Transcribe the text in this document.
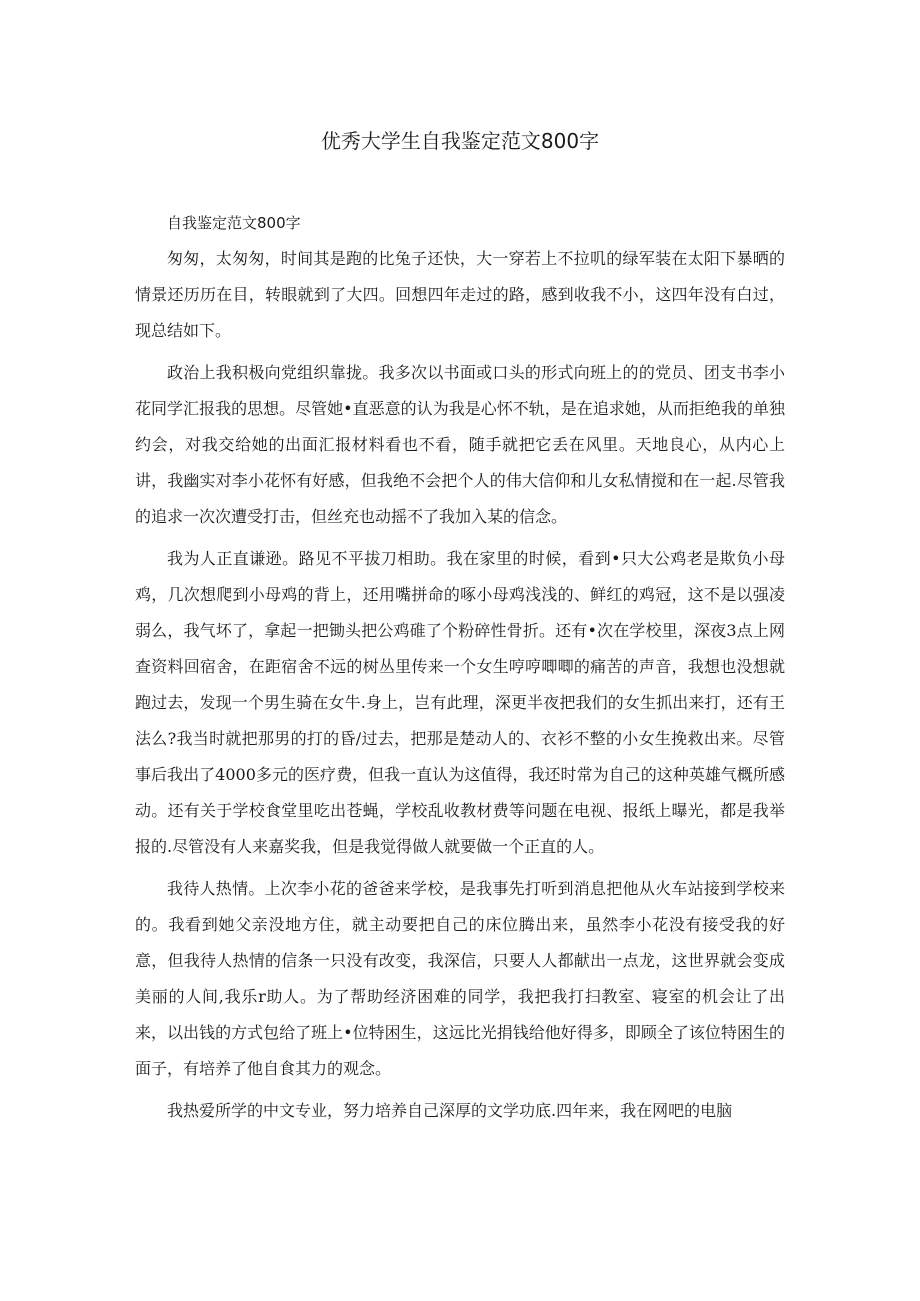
优秀大学生自我鉴定范文800字

自我鉴定范文800字

匆匆，太匆匆，时间其是跑的比兔子还快，大一穿若上不拉叽的绿军装在太阳下暴晒的情景还历历在目，转眼就到了大四。回想四年走过的路，感到收我不小，这四年没有白过，现总结如下。

政治上我积极向党组织靠拢。我多次以书面或口头的形式向班上的的党员、团支书李小花同学汇报我的思想。尽管她•直恶意的认为我是心怀不轨，是在追求她，从而拒绝我的单独约会，对我交给她的出面汇报材料看也不看，随手就把它丢在风里。天地良心，从内心上讲，我幽实对李小花怀有好感，但我绝不会把个人的伟大信仰和儿女私情搅和在一起.尽管我的追求一次次遭受打击，但丝充也动摇不了我加入某的信念。

我为人正直谦逊。路见不平拔刀相助。我在家里的时候，看到•只大公鸡老是欺负小母鸡，几次想爬到小母鸡的背上，还用嘴拼命的啄小母鸡浅浅的、鲜红的鸡冠，这不是以强凌弱么，我气坏了，拿起一把锄头把公鸡碓了个粉碎性骨折。还有•次在学校里，深夜3点上网查资料回宿舍，在距宿舍不远的树丛里传来一个女生哼哼唧唧的痛苦的声音，我想也没想就跑过去，发现一个男生骑在女牛.身上，岂有此理，深更半夜把我们的女生抓出来打，还有王法么?我当时就把那男的打的昏/过去，把那是楚动人的、衣衫不整的小女生挽救出来。尽管事后我出了4000多元的医疗费，但我一直认为这值得，我还时常为自己的这种英雄气概所感动。还有关于学校食堂里吃出苍蝇，学校乱收教材费等问题在电视、报纸上曝光，都是我举报的.尽管没有人来嘉奖我，但是我觉得做人就要做一个正直的人。

我待人热情。上次李小花的爸爸来学校，是我事先打听到消息把他从火车站接到学校来的。我看到她父亲没地方住，就主动要把自己的床位腾出来，虽然李小花没有接受我的好意，但我待人热情的信条一只没有改变，我深信，只要人人都献出一点龙，这世界就会变成美丽的人间,我乐r助人。为了帮助经济困难的同学，我把我打扫教室、寝室的机会让了出来，以出钱的方式包给了班上•位特困生，这远比光捐钱给他好得多，即顾全了该位特困生的面子，有培养了他自食其力的观念。

我热爱所学的中文专业，努力培养自己深厚的文学功底.四年来，我在网吧的电脑
